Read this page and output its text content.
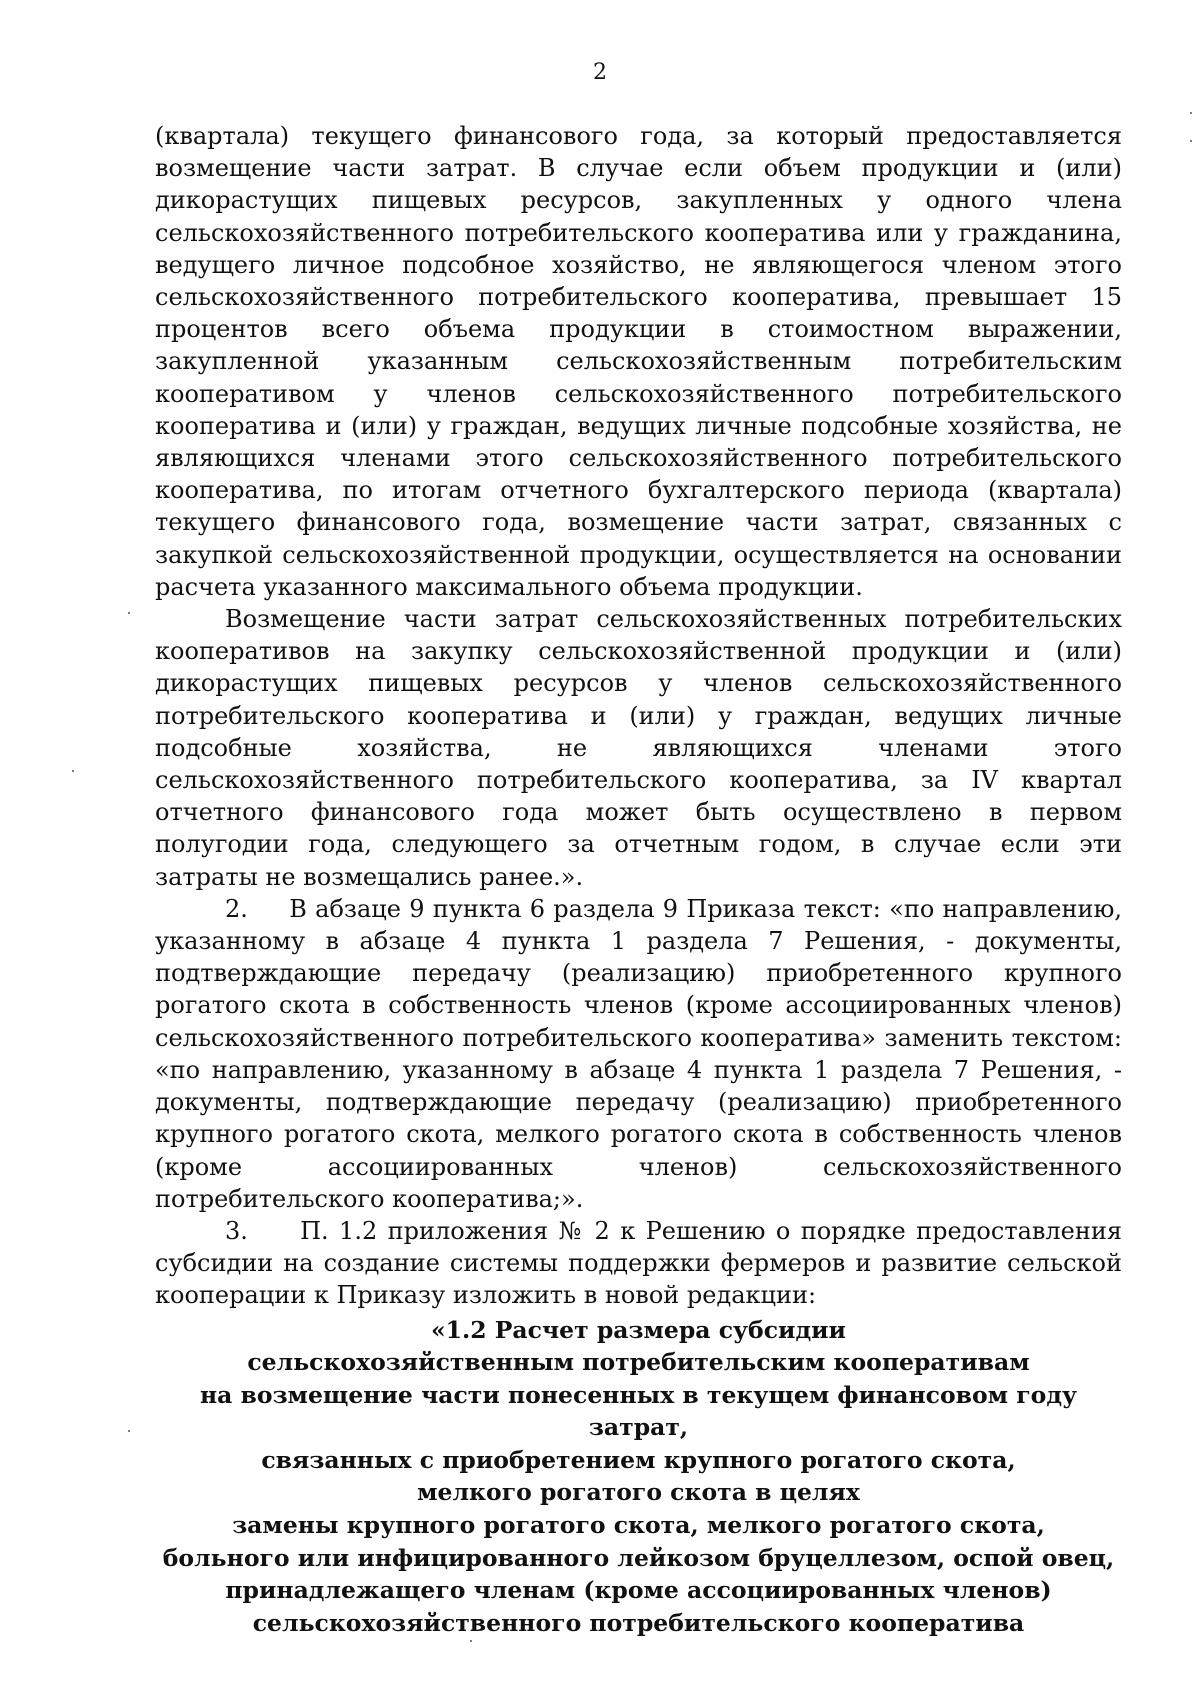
2

(квартала) текущего финансового года, за который предоставляется возмещение части затрат. В случае если объем продукции и (или) дикорастущих пищевых ресурсов, закупленных у одного члена сельскохозяйственного потребительского кооператива или у гражданина, ведущего личное подсобное хозяйство, не являющегося членом этого сельскохозяйственного потребительского кооператива, превышает 15 процентов всего объема продукции в стоимостном выражении, закупленной указанным сельскохозяйственным потребительским кооперативом у членов сельскохозяйственного потребительского кооператива и (или) у граждан, ведущих личные подсобные хозяйства, не являющихся членами этого сельскохозяйственного потребительского кооператива, по итогам отчетного бухгалтерского периода (квартала) текущего финансового года, возмещение части затрат, связанных с закупкой сельскохозяйственной продукции, осуществляется на основании расчета указанного максимального объема продукции.

Возмещение части затрат сельскохозяйственных потребительских кооперативов на закупку сельскохозяйственной продукции и (или) дикорастущих пищевых ресурсов у членов сельскохозяйственного потребительского кооператива и (или) у граждан, ведущих личные подсобные хозяйства, не являющихся членами этого сельскохозяйственного потребительского кооператива, за IV квартал отчетного финансового года может быть осуществлено в первом полугодии года, следующего за отчетным годом, в случае если эти затраты не возмещались ранее.».

2.     В абзаце 9 пункта 6 раздела 9 Приказа текст: «по направлению, указанному в абзаце 4 пункта 1 раздела 7 Решения, - документы, подтверждающие передачу (реализацию) приобретенного крупного рогатого скота в собственность членов (кроме ассоциированных членов) сельскохозяйственного потребительского кооператива» заменить текстом: «по направлению, указанному в абзаце 4 пункта 1 раздела 7 Решения, - документы, подтверждающие передачу (реализацию) приобретенного крупного рогатого скота, мелкого рогатого скота в собственность членов (кроме ассоциированных членов) сельскохозяйственного потребительского кооператива;».

3.     П. 1.2 приложения № 2 к Решению о порядке предоставления субсидии на создание системы поддержки фермеров и развитие сельской кооперации к Приказу изложить в новой редакции:

«1.2 Расчет размера субсидии
сельскохозяйственным потребительским кооперативам
на возмещение части понесенных в текущем финансовом году затрат,
связанных с приобретением крупного рогатого скота,
мелкого рогатого скота в целях
замены крупного рогатого скота, мелкого рогатого скота,
больного или инфицированного лейкозом бруцеллезом, оспой овец,
принадлежащего членам (кроме ассоциированных членов)
сельскохозяйственного потребительского кооператива
